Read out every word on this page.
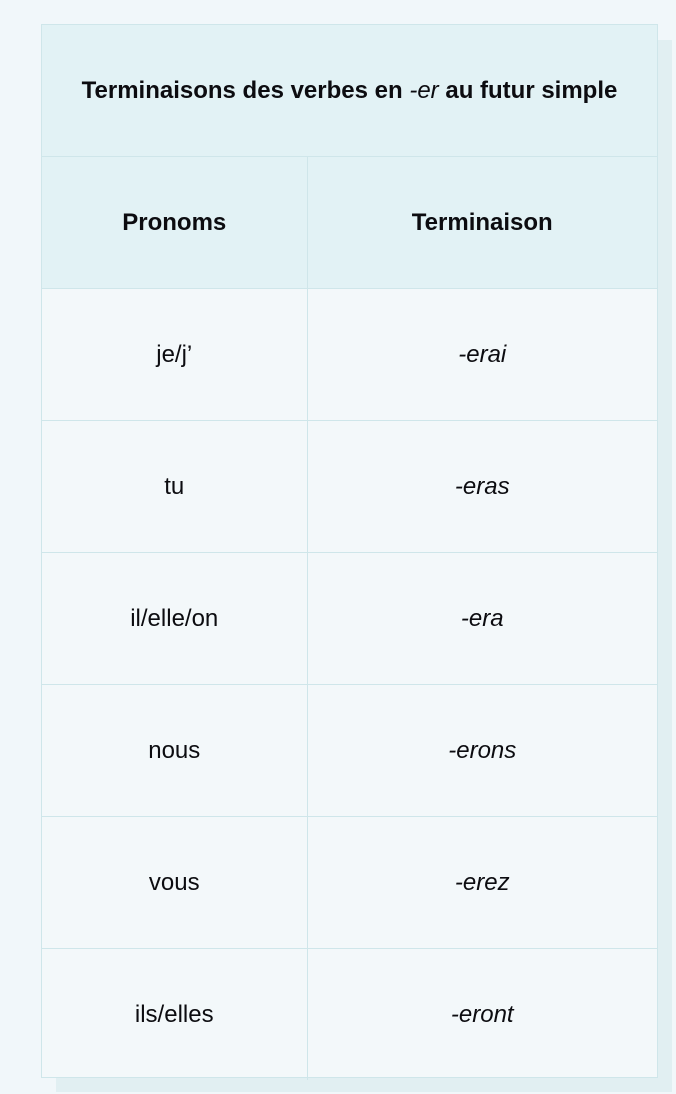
Terminaisons des verbes en -er au futur simple	
Pronoms	Terminaison
je/j’	-erai
tu	-eras
il/elle/on	-era
nous	-erons
vous	-erez
ils/elles	-eront
